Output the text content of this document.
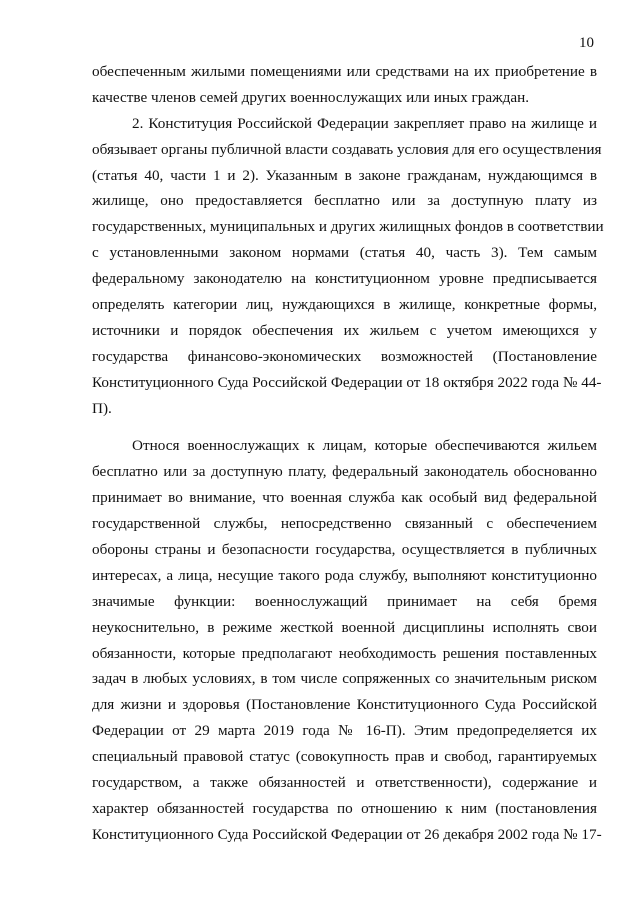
10
обеспеченным жилыми помещениями или средствами на их приобретение в
качестве членов семей других военнослужащих или иных граждан.
2. Конституция Российской Федерации закрепляет право на жилище и
обязывает органы публичной власти создавать условия для его осуществления
(статья 40, части 1 и 2). Указанным в законе гражданам, нуждающимся в
жилище, оно предоставляется бесплатно или за доступную плату из
государственных, муниципальных и других жилищных фондов в соответствии
с установленными законом нормами (статья 40, часть 3). Тем самым
федеральному законодателю на конституционном уровне предписывается
определять категории лиц, нуждающихся в жилище, конкретные формы,
источники и порядок обеспечения их жильем с учетом имеющихся у
государства финансово-экономических возможностей (Постановление
Конституционного Суда Российской Федерации от 18 октября 2022 года № 44-
П).
Относя военнослужащих к лицам, которые обеспечиваются жильем
бесплатно или за доступную плату, федеральный законодатель обоснованно
принимает во внимание, что военная служба как особый вид федеральной
государственной службы, непосредственно связанный с обеспечением
обороны страны и безопасности государства, осуществляется в публичных
интересах, а лица, несущие такого рода службу, выполняют конституционно
значимые функции: военнослужащий принимает на себя бремя
неукоснительно, в режиме жесткой военной дисциплины исполнять свои
обязанности, которые предполагают необходимость решения поставленных
задач в любых условиях, в том числе сопряженных со значительным риском
для жизни и здоровья (Постановление Конституционного Суда Российской
Федерации от 29 марта 2019 года № 16-П). Этим предопределяется их
специальный правовой статус (совокупность прав и свобод, гарантируемых
государством, а также обязанностей и ответственности), содержание и
характер обязанностей государства по отношению к ним (постановления
Конституционного Суда Российской Федерации от 26 декабря 2002 года № 17-
